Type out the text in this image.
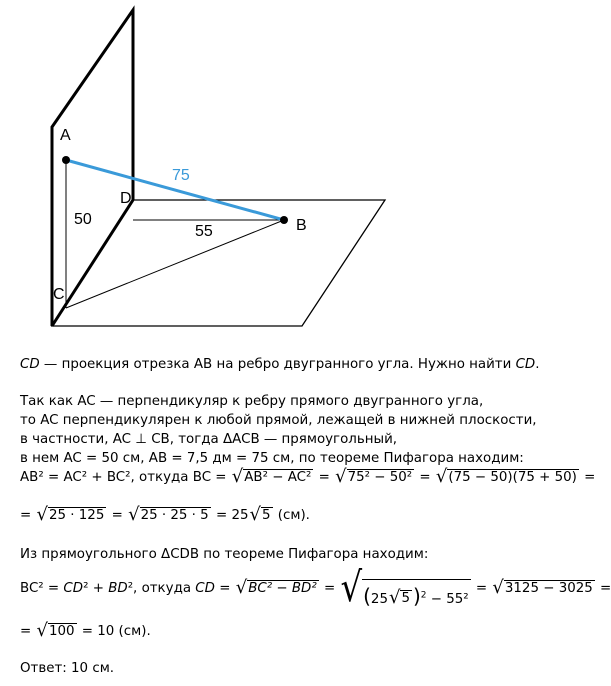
A
B
C
D
75
50
55
CD — проекция отрезка AB на ребро двугранного угла. Нужно найти CD.
Так как AC — перпендикуляр к ребру прямого двугранного угла,
то AC перпендикулярен к любой прямой, лежащей в нижней плоскости,
в частности, AC ⊥ CB, тогда ΔACB — прямоугольный,
в нем AC = 50 см, AB = 7,5 дм = 75 см, по теореме Пифагора находим:
AB² = AC² + BC² , откуда BC = √ AB² − AC² = √ 75² − 50² = √ (75 − 50)(75 + 50) =
= √ 25 · 125 = √ 25 · 25 · 5 = 25 √ 5 (см).
Из прямоугольного ΔCDB по теореме Пифагора находим:
BC² = CD ² + BD ², откуда CD = √ BC² − BD² = √ (25 √ 5 )$^2$ − 55²
= √ 3125 − 3025 =
= √ 100 = 10 (см).
Ответ: 10 см.
